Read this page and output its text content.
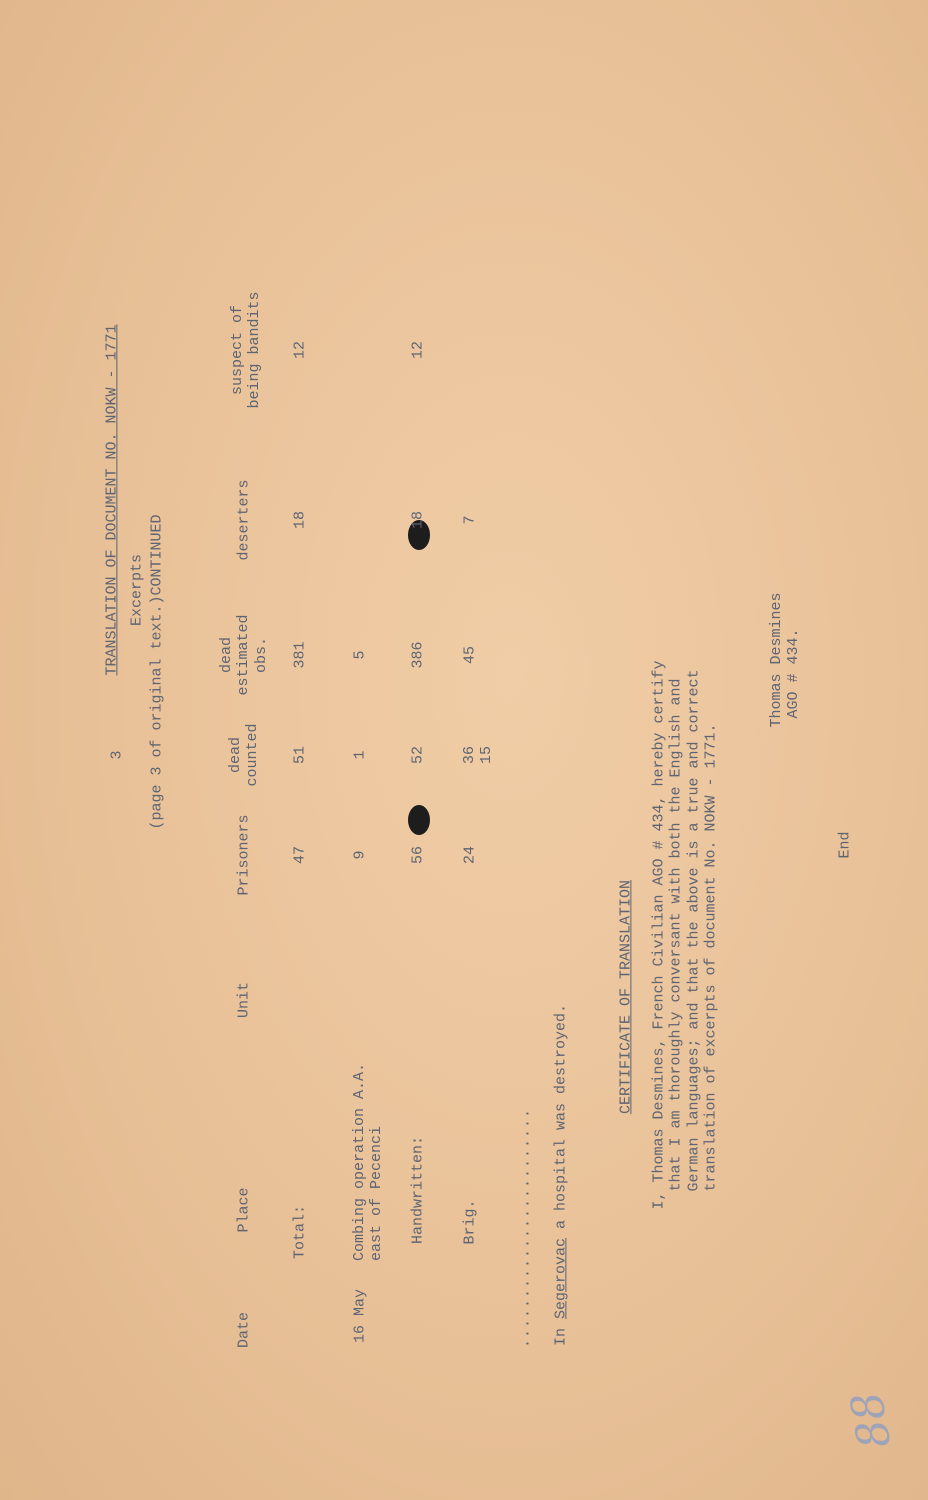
3
TRANSLATION OF DOCUMENT NO. NOKW - 1771 Excerpts (page 3 of original text.)CONTINUED
Date
Place
Unit
Prisoners
dead counted
dead estimated obs.
deserters
suspect of being bandits
Total:
47
51
381
18
12
16 May
Combing operation A.A. east of Pecenci
9
1
5
Handwritten:
56
52
386
18
12
Brig.
24
36 15
45
7
........................ In Segerovac a hospital was destroyed.
CERTIFICATE OF TRANSLATION I, Thomas Desmines, French Civilian AGO # 434, hereby certify that I am thoroughly conversant with both the English and German languages; and that the above is a true and correct translation of excerpts of document No. NOKW - 1771.
Thomas Desmines AGO # 434.
End
88
